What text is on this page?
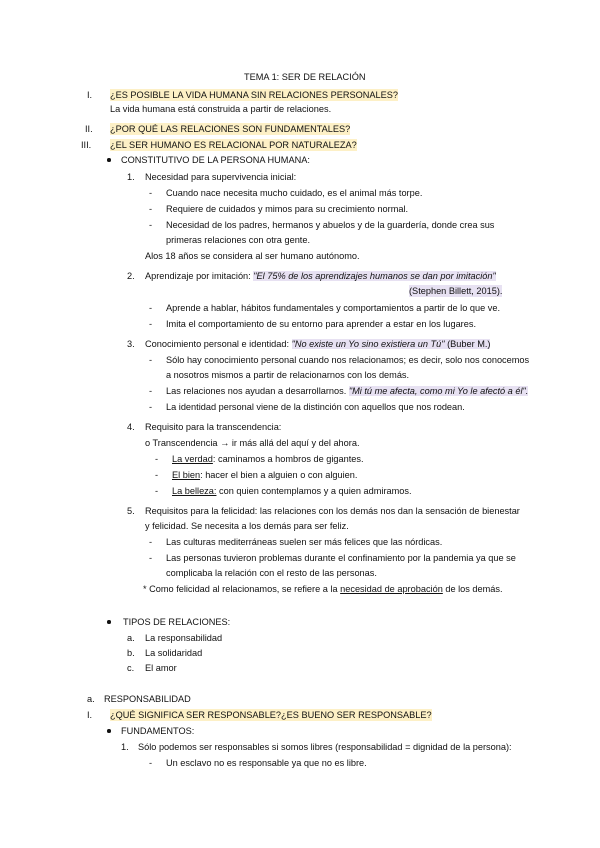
TEMA 1: SER DE RELACIÓN
I. ¿ES POSIBLE LA VIDA HUMANA SIN RELACIONES PERSONALES?
La vida humana está construida a partir de relaciones.
II. ¿POR QUÉ LAS RELACIONES SON FUNDAMENTALES?
III. ¿EL SER HUMANO ES RELACIONAL POR NATURALEZA?
CONSTITUTIVO DE LA PERSONA HUMANA:
1. Necesidad para supervivencia inicial:
- Cuando nace necesita mucho cuidado, es el animal más torpe.
- Requiere de cuidados y mimos para su crecimiento normal.
- Necesidad de los padres, hermanos y abuelos y de la guardería, donde crea sus
primeras relaciones con otra gente.
Alos 18 años se considera al ser humano autónomo.
2. Aprendizaje por imitación: "El 75% de los aprendizajes humanos se dan por imitación"
(Stephen Billett, 2015).
- Aprende a hablar, hábitos fundamentales y comportamientos a partir de lo que ve.
- Imita el comportamiento de su entorno para aprender a estar en los lugares.
3. Conocimiento personal e identidad: "No existe un Yo sino existiera un Tú" (Buber M.)
- Sólo hay conocimiento personal cuando nos relacionamos; es decir, solo nos conocemos
a nosotros mismos a partir de relacionarnos con los demás.
- Las relaciones nos ayudan a desarrollarnos. "Mi tú me afecta, como mi Yo le afectó a él".
- La identidad personal viene de la distinción con aquellos que nos rodean.
4. Requisito para la transcendencia:
o Transcendencia → ir más allá del aquí y del ahora.
- La verdad: caminamos a hombros de gigantes.
- El bien: hacer el bien a alguien o con alguien.
- La belleza: con quien contemplamos y a quien admiramos.
5. Requisitos para la felicidad: las relaciones con los demás nos dan la sensación de bienestar
y felicidad. Se necesita a los demás para ser feliz.
- Las culturas mediterráneas suelen ser más felices que las nórdicas.
- Las personas tuvieron problemas durante el confinamiento por la pandemia ya que se
complicaba la relación con el resto de las personas.
* Como felicidad al relacionamos, se refiere a la necesidad de aprobación de los demás.
TIPOS DE RELACIONES:
a. La responsabilidad
b. La solidaridad
c. El amor
a. RESPONSABILIDAD
I. ¿QUÉ SIGNIFICA SER RESPONSABLE?¿ES BUENO SER RESPONSABLE?
FUNDAMENTOS:
1. Sólo podemos ser responsables si somos libres (responsabilidad = dignidad de la persona):
- Un esclavo no es responsable ya que no es libre.
